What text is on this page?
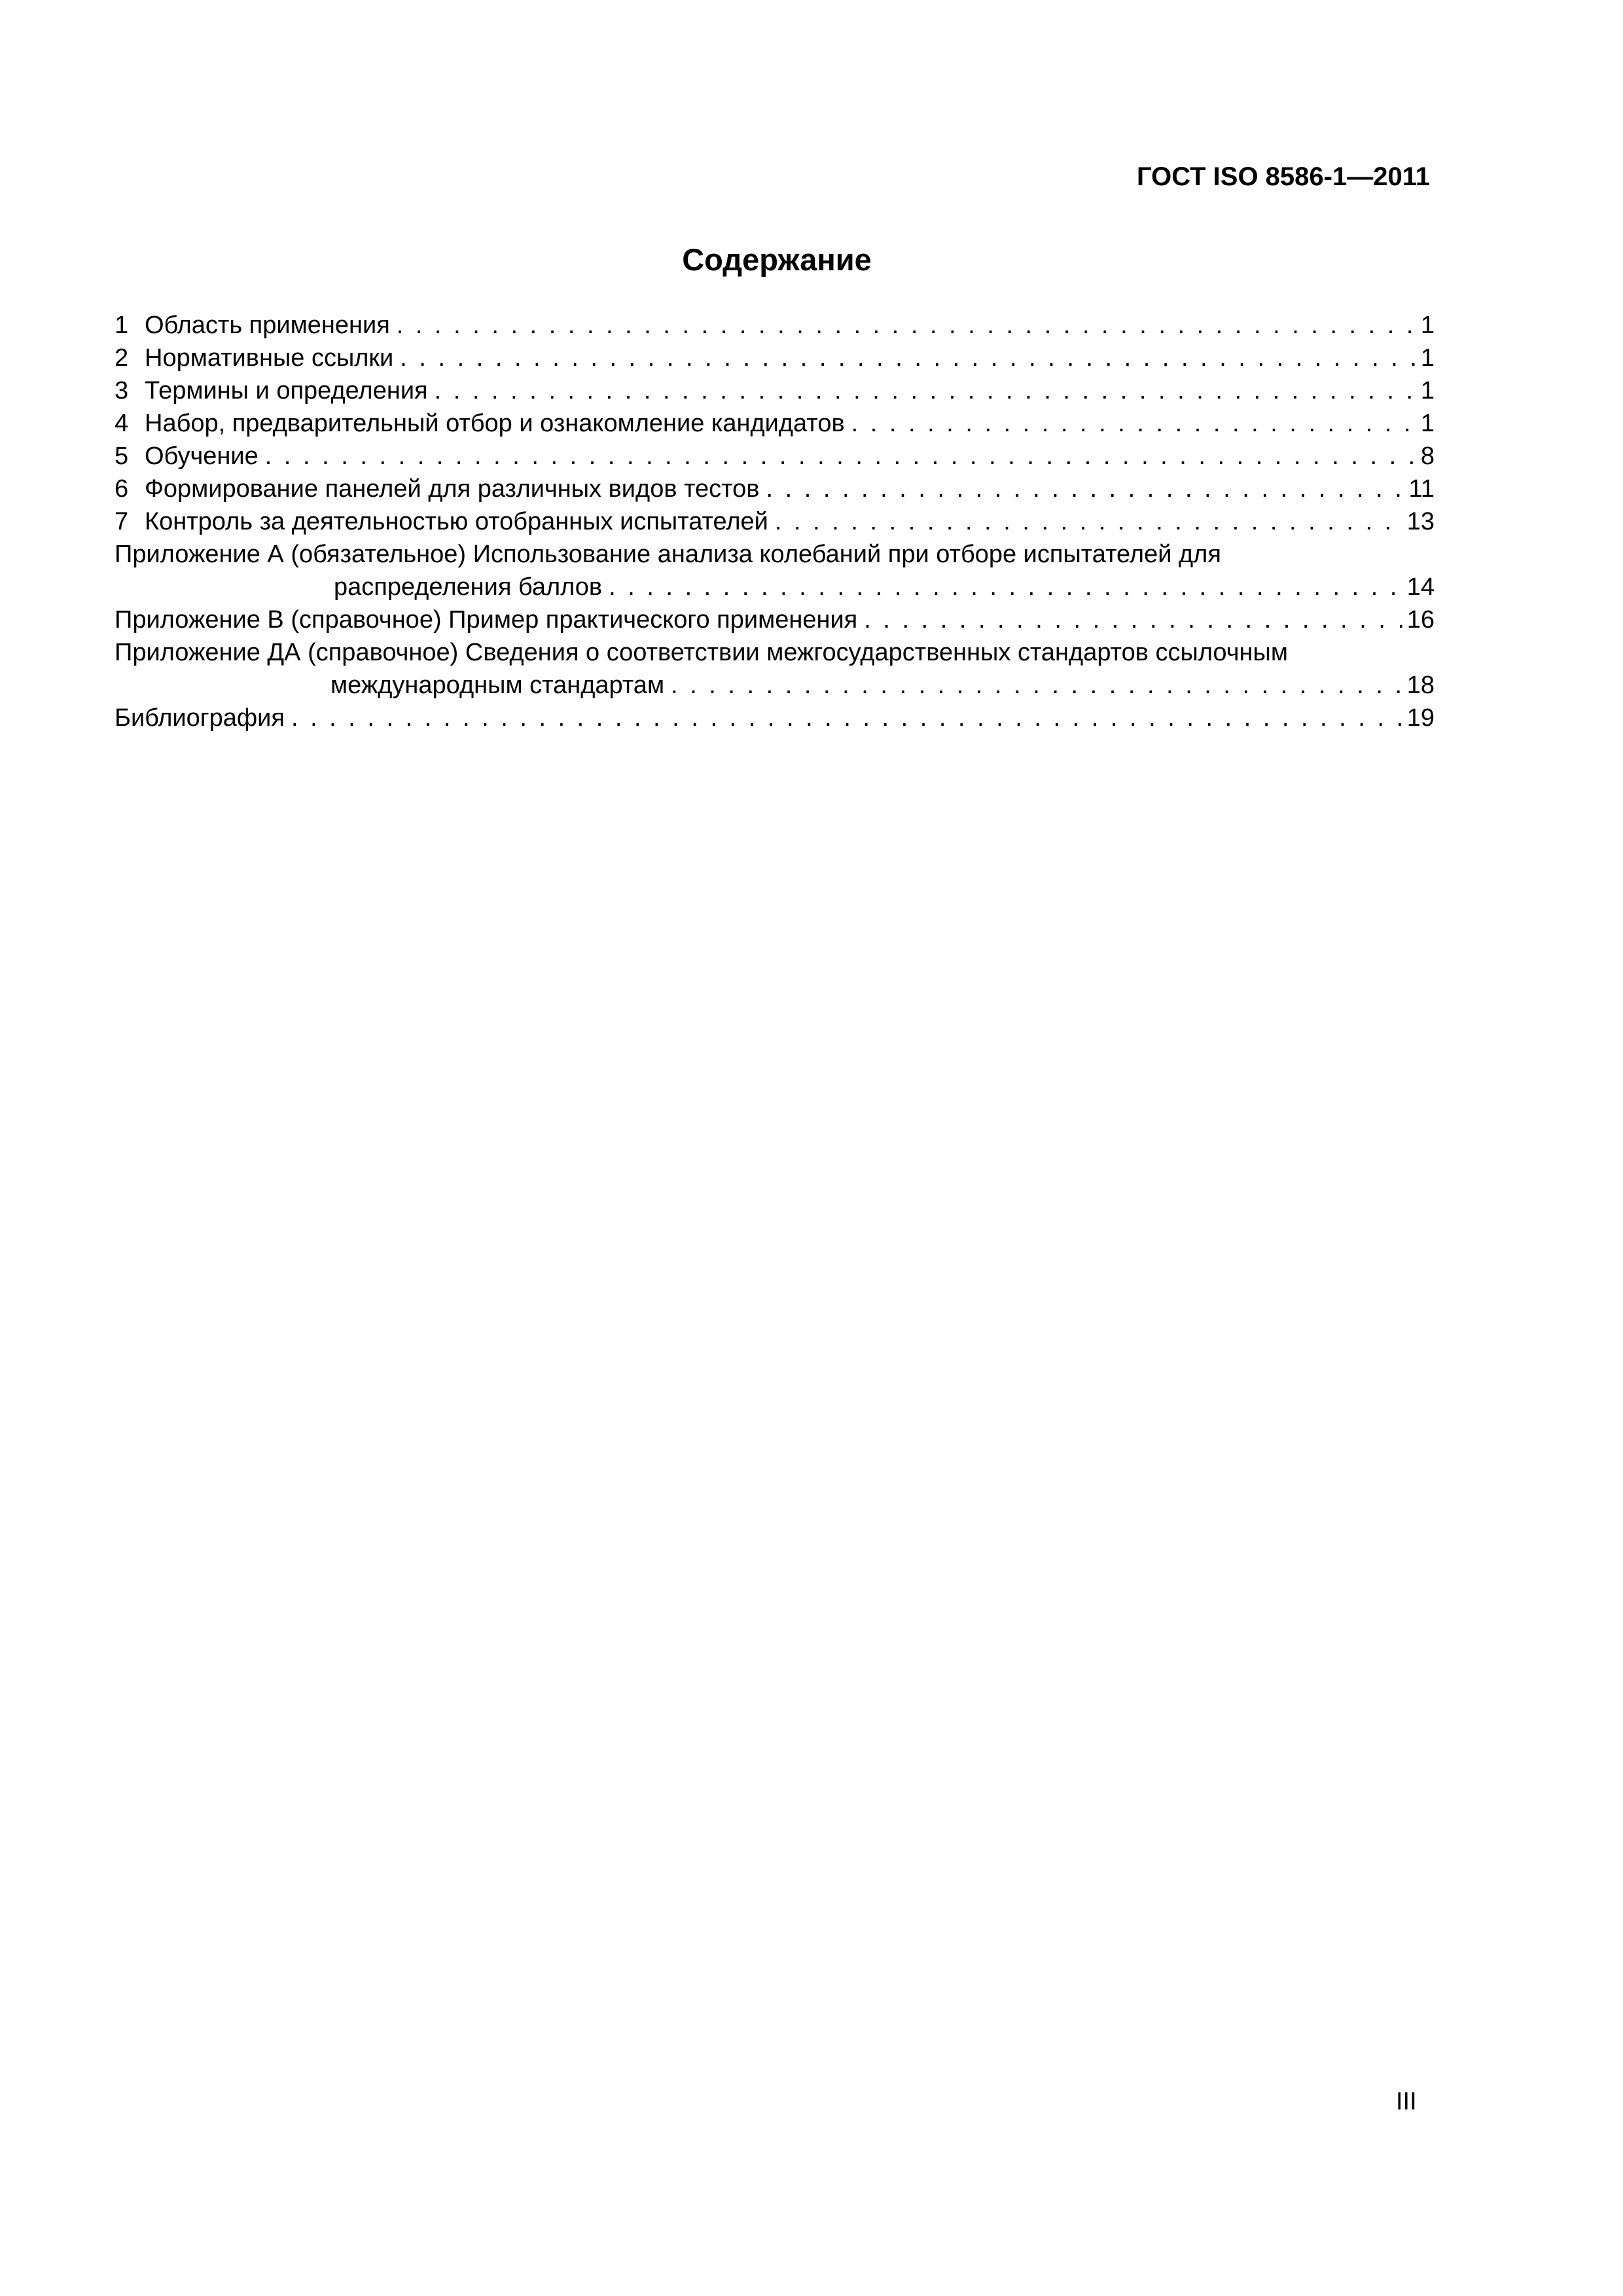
ГОСТ ISO 8586-1—2011
Содержание
1 Область применения . . .	1
2 Нормативные ссылки . . .	1
3 Термины и определения . . .	1
4 Набор, предварительный отбор и ознакомление кандидатов . . .	1
5 Обучение . . .	8
6 Формирование панелей для различных видов тестов . . .	11
7 Контроль за деятельностью отобранных испытателей . . .	13
Приложение А (обязательное) Использование анализа колебаний при отборе испытателей для
распределения баллов . . .	14
Приложение В (справочное) Пример практического применения . . .	16
Приложение ДА (справочное) Сведения о соответствии межгосударственных стандартов ссылочным
международным стандартам . . .	18
Библиография . . .	19
III
